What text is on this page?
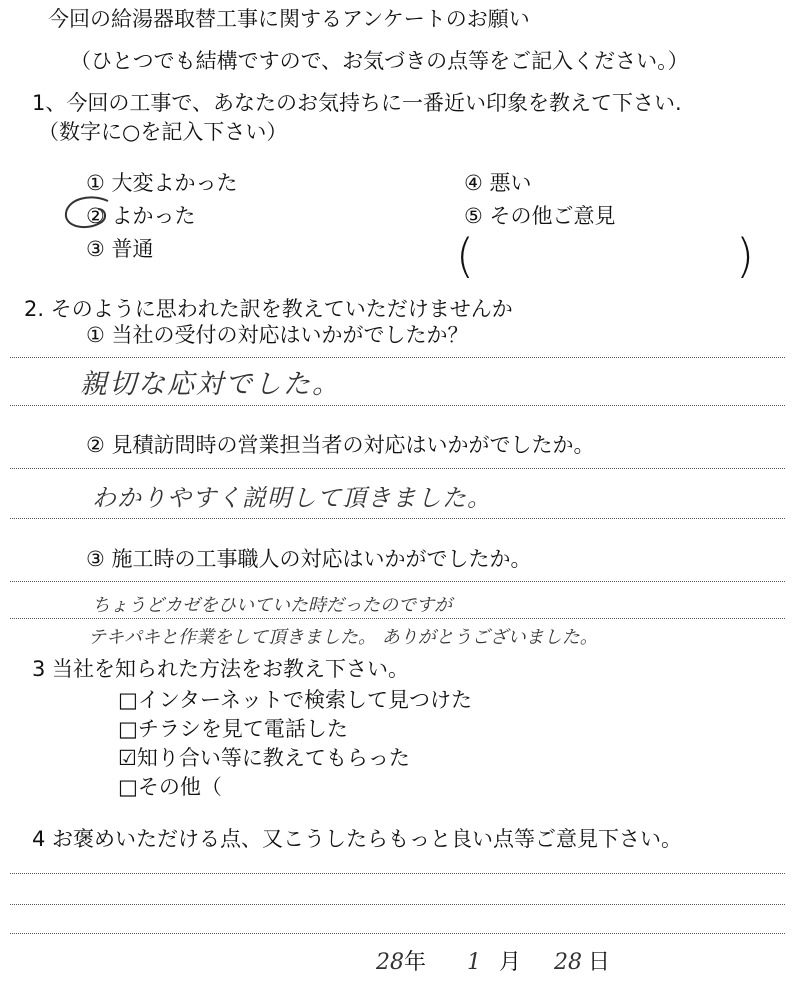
今回の給湯器取替工事に関するアンケートのお願い
（ひとつでも結構ですので、お気づきの点等をご記入ください。）
1、今回の工事で、あなたのお気持ちに一番近い印象を教えて下さい.
（数字に○を記入下さい）
① 大変よかった
② よかった
③ 普通
④ 悪い
⑤ その他ご意見
(	)
2. そのように思われた訳を教えていただけませんか
① 当社の受付の対応はいかがでしたか？
親切な応対でした。
② 見積訪問時の営業担当者の対応はいかがでしたか。
わかりやすく説明して頂きました。
③ 施工時の工事職人の対応はいかがでしたか。
ちょうどカゼをひいていた時だったのですが
テキパキと作業をして頂きました。 ありがとうございました。
3 当社を知られた方法をお教え下さい。
□インターネットで検索して見つけた
□チラシを見て電話した
☑知り合い等に教えてもらった
□その他（
4 お褒めいただける点、又こうしたらもっと良い点等ご意見下さい。
28年 1 月 28 日
